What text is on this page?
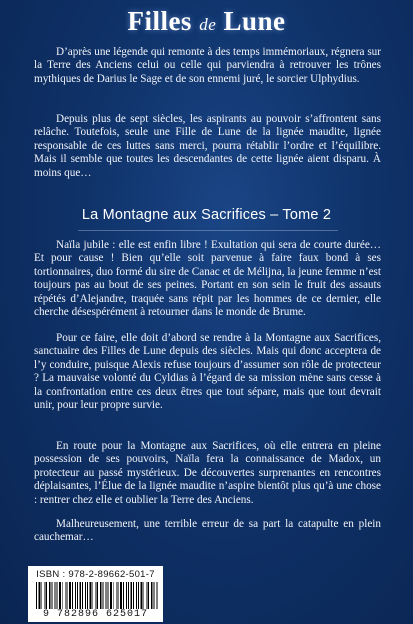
Filles de Lune

D’après une légende qui remonte à des temps immémoriaux, régnera sur la Terre des Anciens celui ou celle qui parviendra à retrouver les trônes mythiques de Darius le Sage et de son ennemi juré, le sorcier Ulphydius.

Depuis plus de sept siècles, les aspirants au pouvoir s’affrontent sans relâche. Toutefois, seule une Fille de Lune de la lignée maudite, lignée responsable de ces luttes sans merci, pourra rétablir l’ordre et l’équilibre. Mais il semble que toutes les descendantes de cette lignée aient disparu. À moins que…

La Montagne aux Sacrifices – Tome 2

Naïla jubile : elle est enfin libre ! Exultation qui sera de courte durée… Et pour cause ! Bien qu’elle soit parvenue à faire faux bond à ses tortionnaires, duo formé du sire de Canac et de Mélijna, la jeune femme n’est toujours pas au bout de ses peines. Portant en son sein le fruit des assauts répétés d’Alejandre, traquée sans répit par les hommes de ce dernier, elle cherche désespérément à retourner dans le monde de Brume.

Pour ce faire, elle doit d’abord se rendre à la Montagne aux Sacrifices, sanctuaire des Filles de Lune depuis des siècles. Mais qui donc acceptera de l’y conduire, puisque Alexis refuse toujours d’assumer son rôle de protecteur ? La mauvaise volonté du Cyldias à l’égard de sa mission mène sans cesse à la confrontation entre ces deux êtres que tout sépare, mais que tout devrait unir, pour leur propre survie.

En route pour la Montagne aux Sacrifices, où elle entrera en pleine possession de ses pouvoirs, Naïla fera la connaissance de Madox, un protecteur au passé mystérieux. De découvertes surprenantes en rencontres déplaisantes, l’Élue de la lignée maudite n’aspire bientôt plus qu’à une chose : rentrer chez elle et oublier la Terre des Anciens.

Malheureusement, une terrible erreur de sa part la catapulte en plein cauchemar…

ISBN : 978-2-89662-501-7
9 782896 625017
